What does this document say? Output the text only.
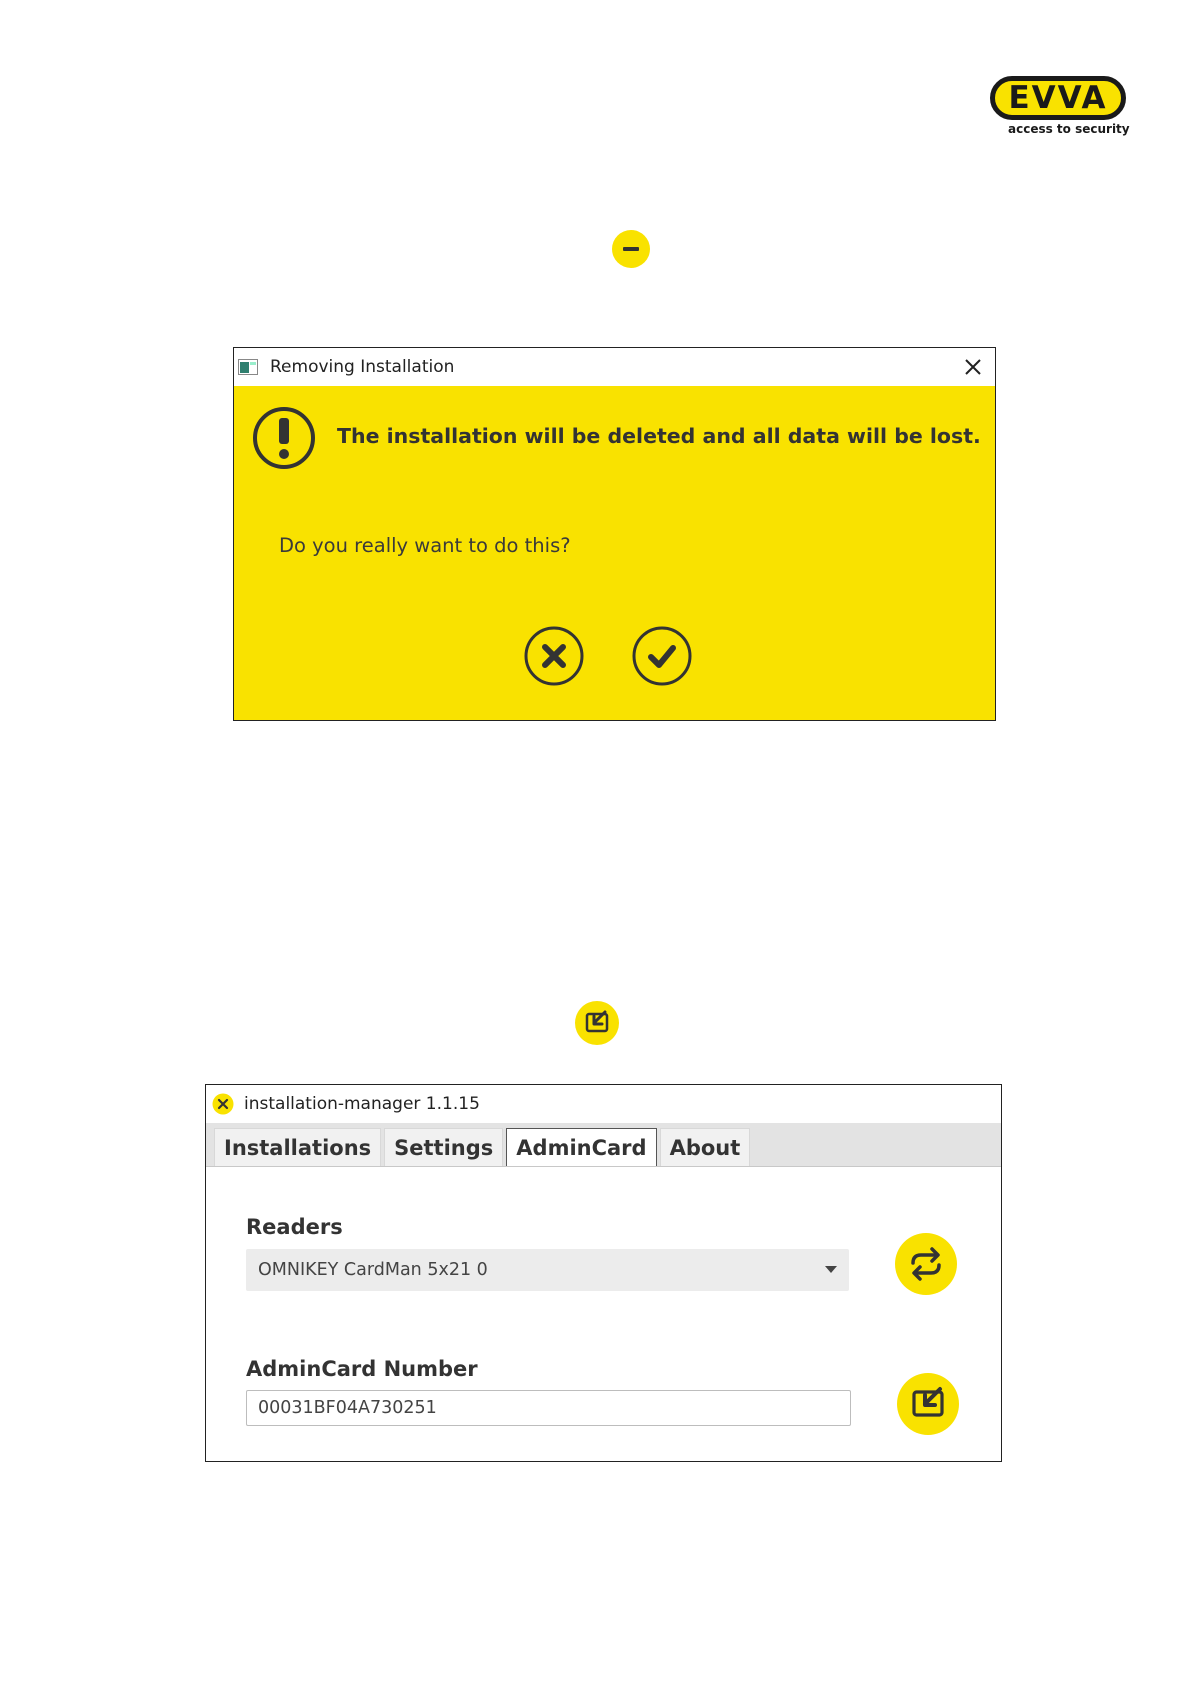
EVVA
access to security
Removing Installation
The installation will be deleted and all data will be lost.
Do you really want to do this?
installation-manager 1.1.15
Installations	Settings	AdminCard	About
Readers
OMNIKEY CardMan 5x21 0
AdminCard Number
00031BF04A730251
